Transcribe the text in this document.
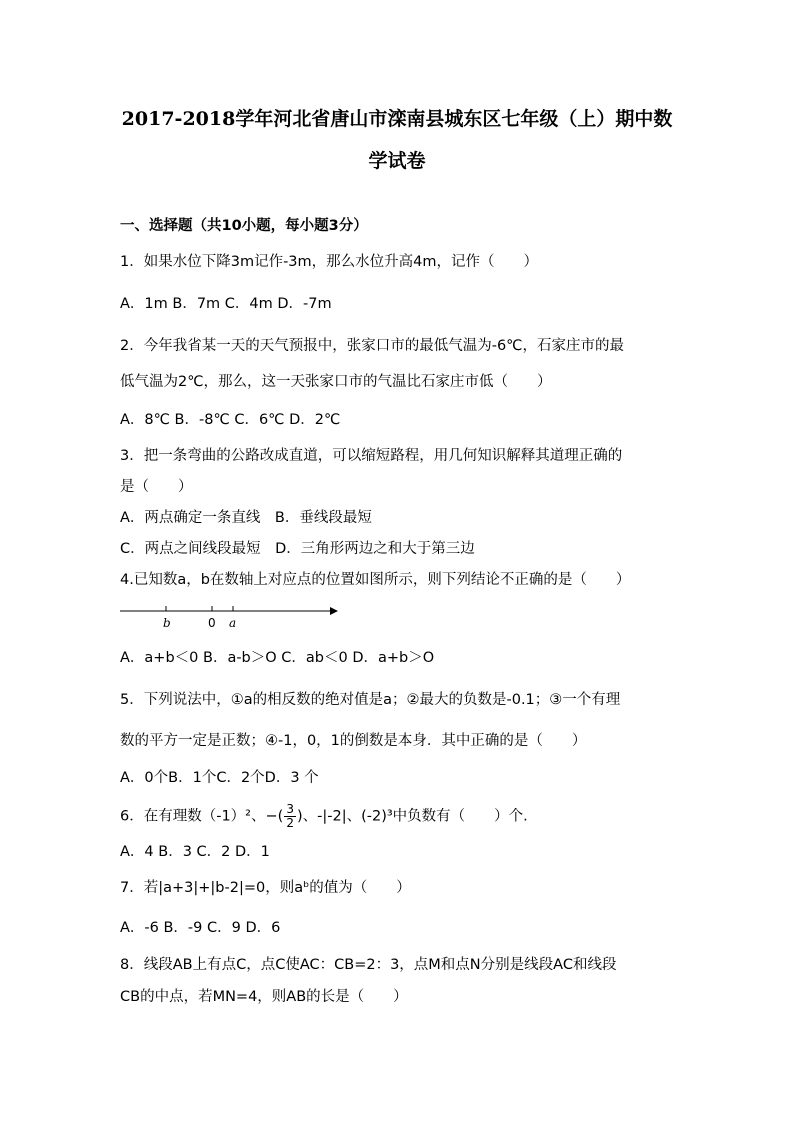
2017-2018学年河北省唐山市滦南县城东区七年级（上）期中数
学试卷
一、选择题（共10小题，每小题3分）
1．如果水位下降3m记作-3m，那么水位升高4m，记作（　　）
A．1m B．7m C．4m D．-7m
2．今年我省某一天的天气预报中，张家口市的最低气温为-6℃，石家庄市的最
低气温为2℃，那么，这一天张家口市的气温比石家庄市低（　　）
A．8℃ B．-8℃ C．6℃ D．2℃
3．把一条弯曲的公路改成直道，可以缩短路程，用几何知识解释其道理正确的
是（　　）
A．两点确定一条直线　B．垂线段最短
C．两点之间线段最短　D．三角形两边之和大于第三边
4.已知数a，b在数轴上对应点的位置如图所示，则下列结论不正确的是（　　）
b	0 a
A．a+b＜0 B．a-b＞O C．ab＜0 D．a+b＞O
5．下列说法中，①a的相反数的绝对值是a；②最大的负数是-0.1；③一个有理
数的平方一定是正数；④-1，0，1的倒数是本身．其中正确的是（　　）
A．0个B．1个C．2个D．3 个
6．在有理数（-1）²、−( $\frac{3}{2}$ )、-|-2|、(-2)³中负数有（　　）个.
A．4 B．3 C．2 D．1
7．若|a+3|+|b-2|=0，则aᵇ的值为（　　）
A．-6 B．-9 C．9 D．6
8．线段AB上有点C，点C使AC：CB=2：3，点M和点N分别是线段AC和线段
CB的中点，若MN=4，则AB的长是（　　）
